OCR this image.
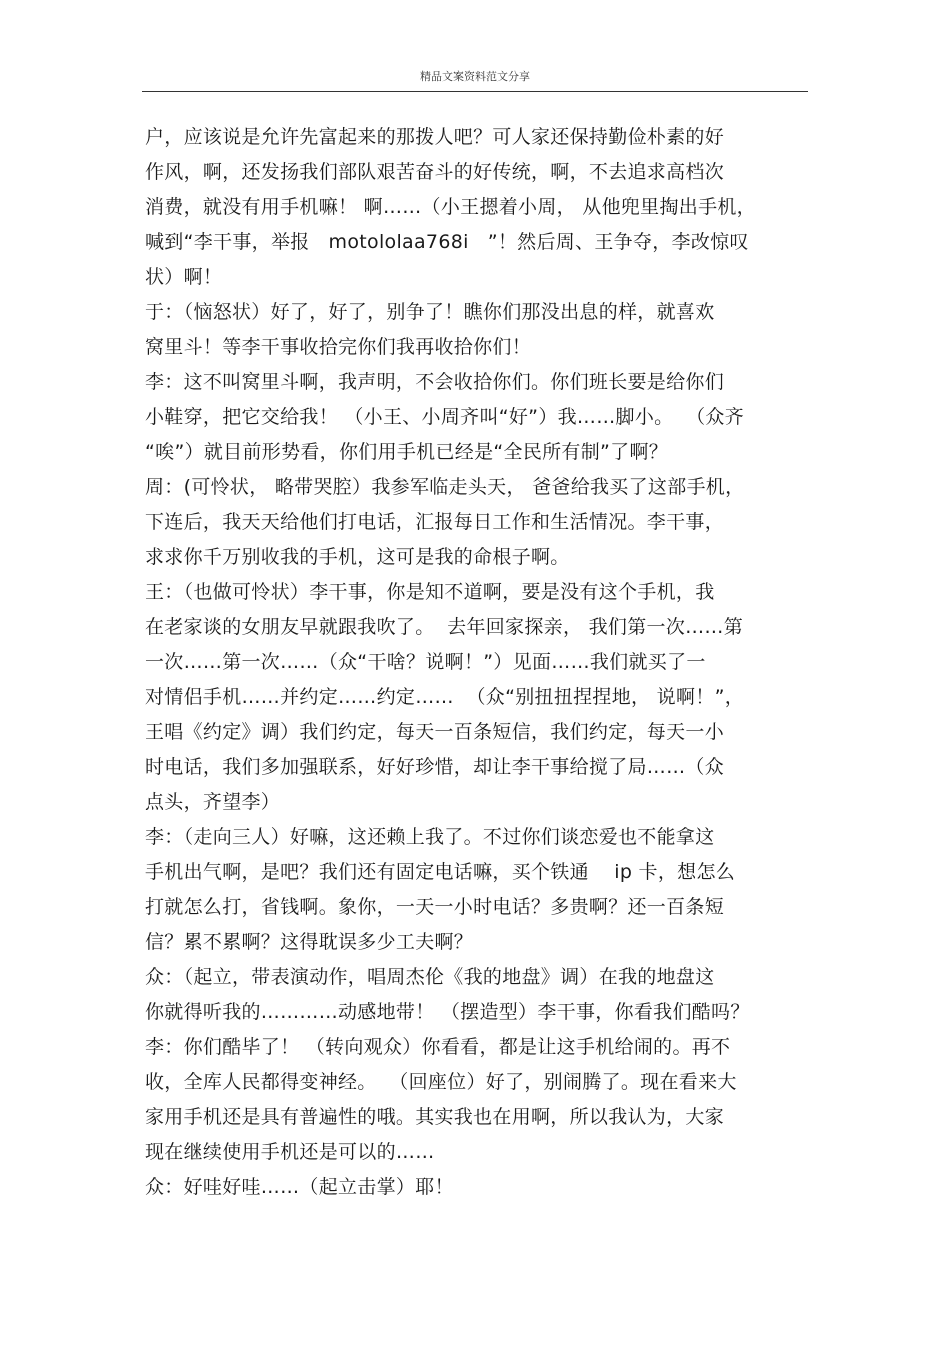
精品文案资料范文分享
户，应该说是允许先富起来的那拨人吧？可人家还保持勤俭朴素的好
作风，啊，还发扬我们部队艰苦奋斗的好传统，啊，不去追求高档次
消费，就没有用手机嘛！ 啊……（小王摁着小周， 从他兜里掏出手机，
喊到“李干事，举报   motololaa768i   ”！然后周、王争夺，李改惊叹
状）啊！
于：（恼怒状）好了，好了，别争了！瞧你们那没出息的样，就喜欢
窝里斗！等李干事收拾完你们我再收拾你们！
李：这不叫窝里斗啊，我声明，不会收拾你们。你们班长要是给你们
小鞋穿，把它交给我！ （小王、小周齐叫“好”）我……脚小。  （众齐
“唉”）就目前形势看，你们用手机已经是“全民所有制”了啊？
周：(可怜状， 略带哭腔）我参军临走头天， 爸爸给我买了这部手机，
下连后，我天天给他们打电话，汇报每日工作和生活情况。李干事，
求求你千万别收我的手机，这可是我的命根子啊。
王：（也做可怜状）李干事，你是知不道啊，要是没有这个手机，我
在老家谈的女朋友早就跟我吹了。  去年回家探亲， 我们第一次……第
一次……第一次……（众“干啥？说啊！”）见面……我们就买了一
对情侣手机……并约定……约定……  （众“别扭扭捏捏地， 说啊！”，
王唱《约定》调）我们约定，每天一百条短信，我们约定，每天一小
时电话，我们多加强联系，好好珍惜，却让李干事给搅了局……（众
点头，齐望李）
李：（走向三人）好嘛，这还赖上我了。不过你们谈恋爱也不能拿这
手机出气啊，是吧？我们还有固定电话嘛，买个铁通    ip 卡，想怎么
打就怎么打，省钱啊。象你，一天一小时电话？多贵啊？还一百条短
信？累不累啊？这得耽误多少工夫啊？
众：（起立，带表演动作，唱周杰伦《我的地盘》调）在我的地盘这
你就得听我的…………动感地带！ （摆造型）李干事，你看我们酷吗？
李：你们酷毕了！ （转向观众）你看看，都是让这手机给闹的。再不
收，全库人民都得变神经。  （回座位）好了，别闹腾了。现在看来大
家用手机还是具有普遍性的哦。其实我也在用啊，所以我认为，大家
现在继续使用手机还是可以的……
众：好哇好哇……（起立击掌）耶！
